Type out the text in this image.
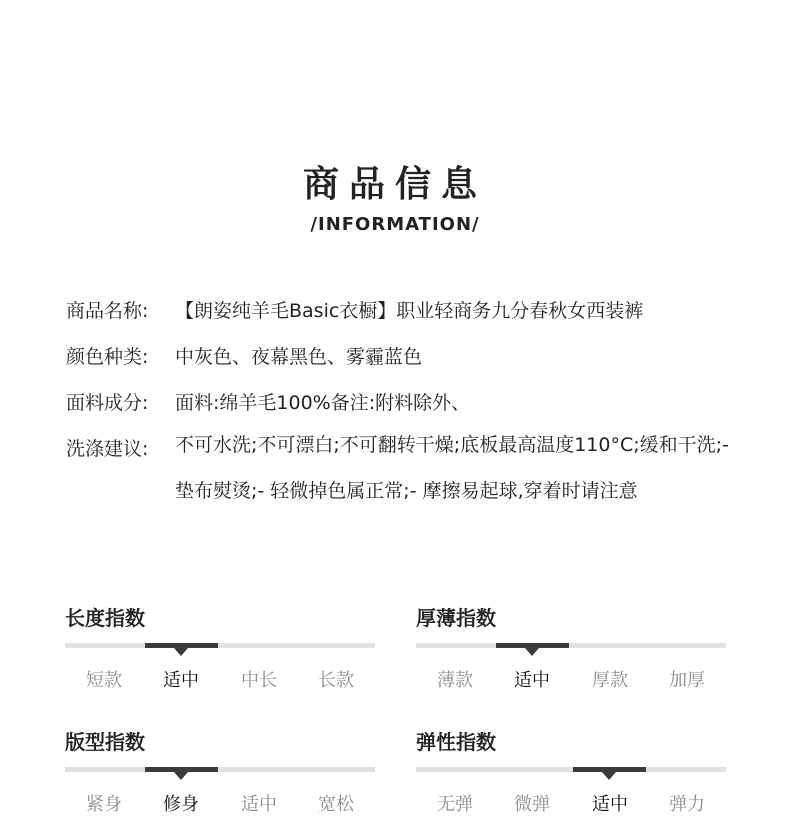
商品信息
/INFORMATION/
商品名称: 【朗姿纯羊毛Basic衣橱】职业轻商务九分春秋女西装裤
颜色种类: 中灰色、夜幕黑色、雾霾蓝色
面料成分: 面料:绵羊毛100%备注:附料除外、
洗涤建议: 不可水洗;不可漂白;不可翻转干燥;底板最高温度110°C;缓和干洗;- 垫布熨烫;- 轻微掉色属正常;- 摩擦易起球,穿着时请注意
长度指数
短款	适中	中长	长款
厚薄指数
薄款	适中	厚款	加厚
版型指数
紧身	修身	适中	宽松
弹性指数
无弹	微弹	适中	弹力
